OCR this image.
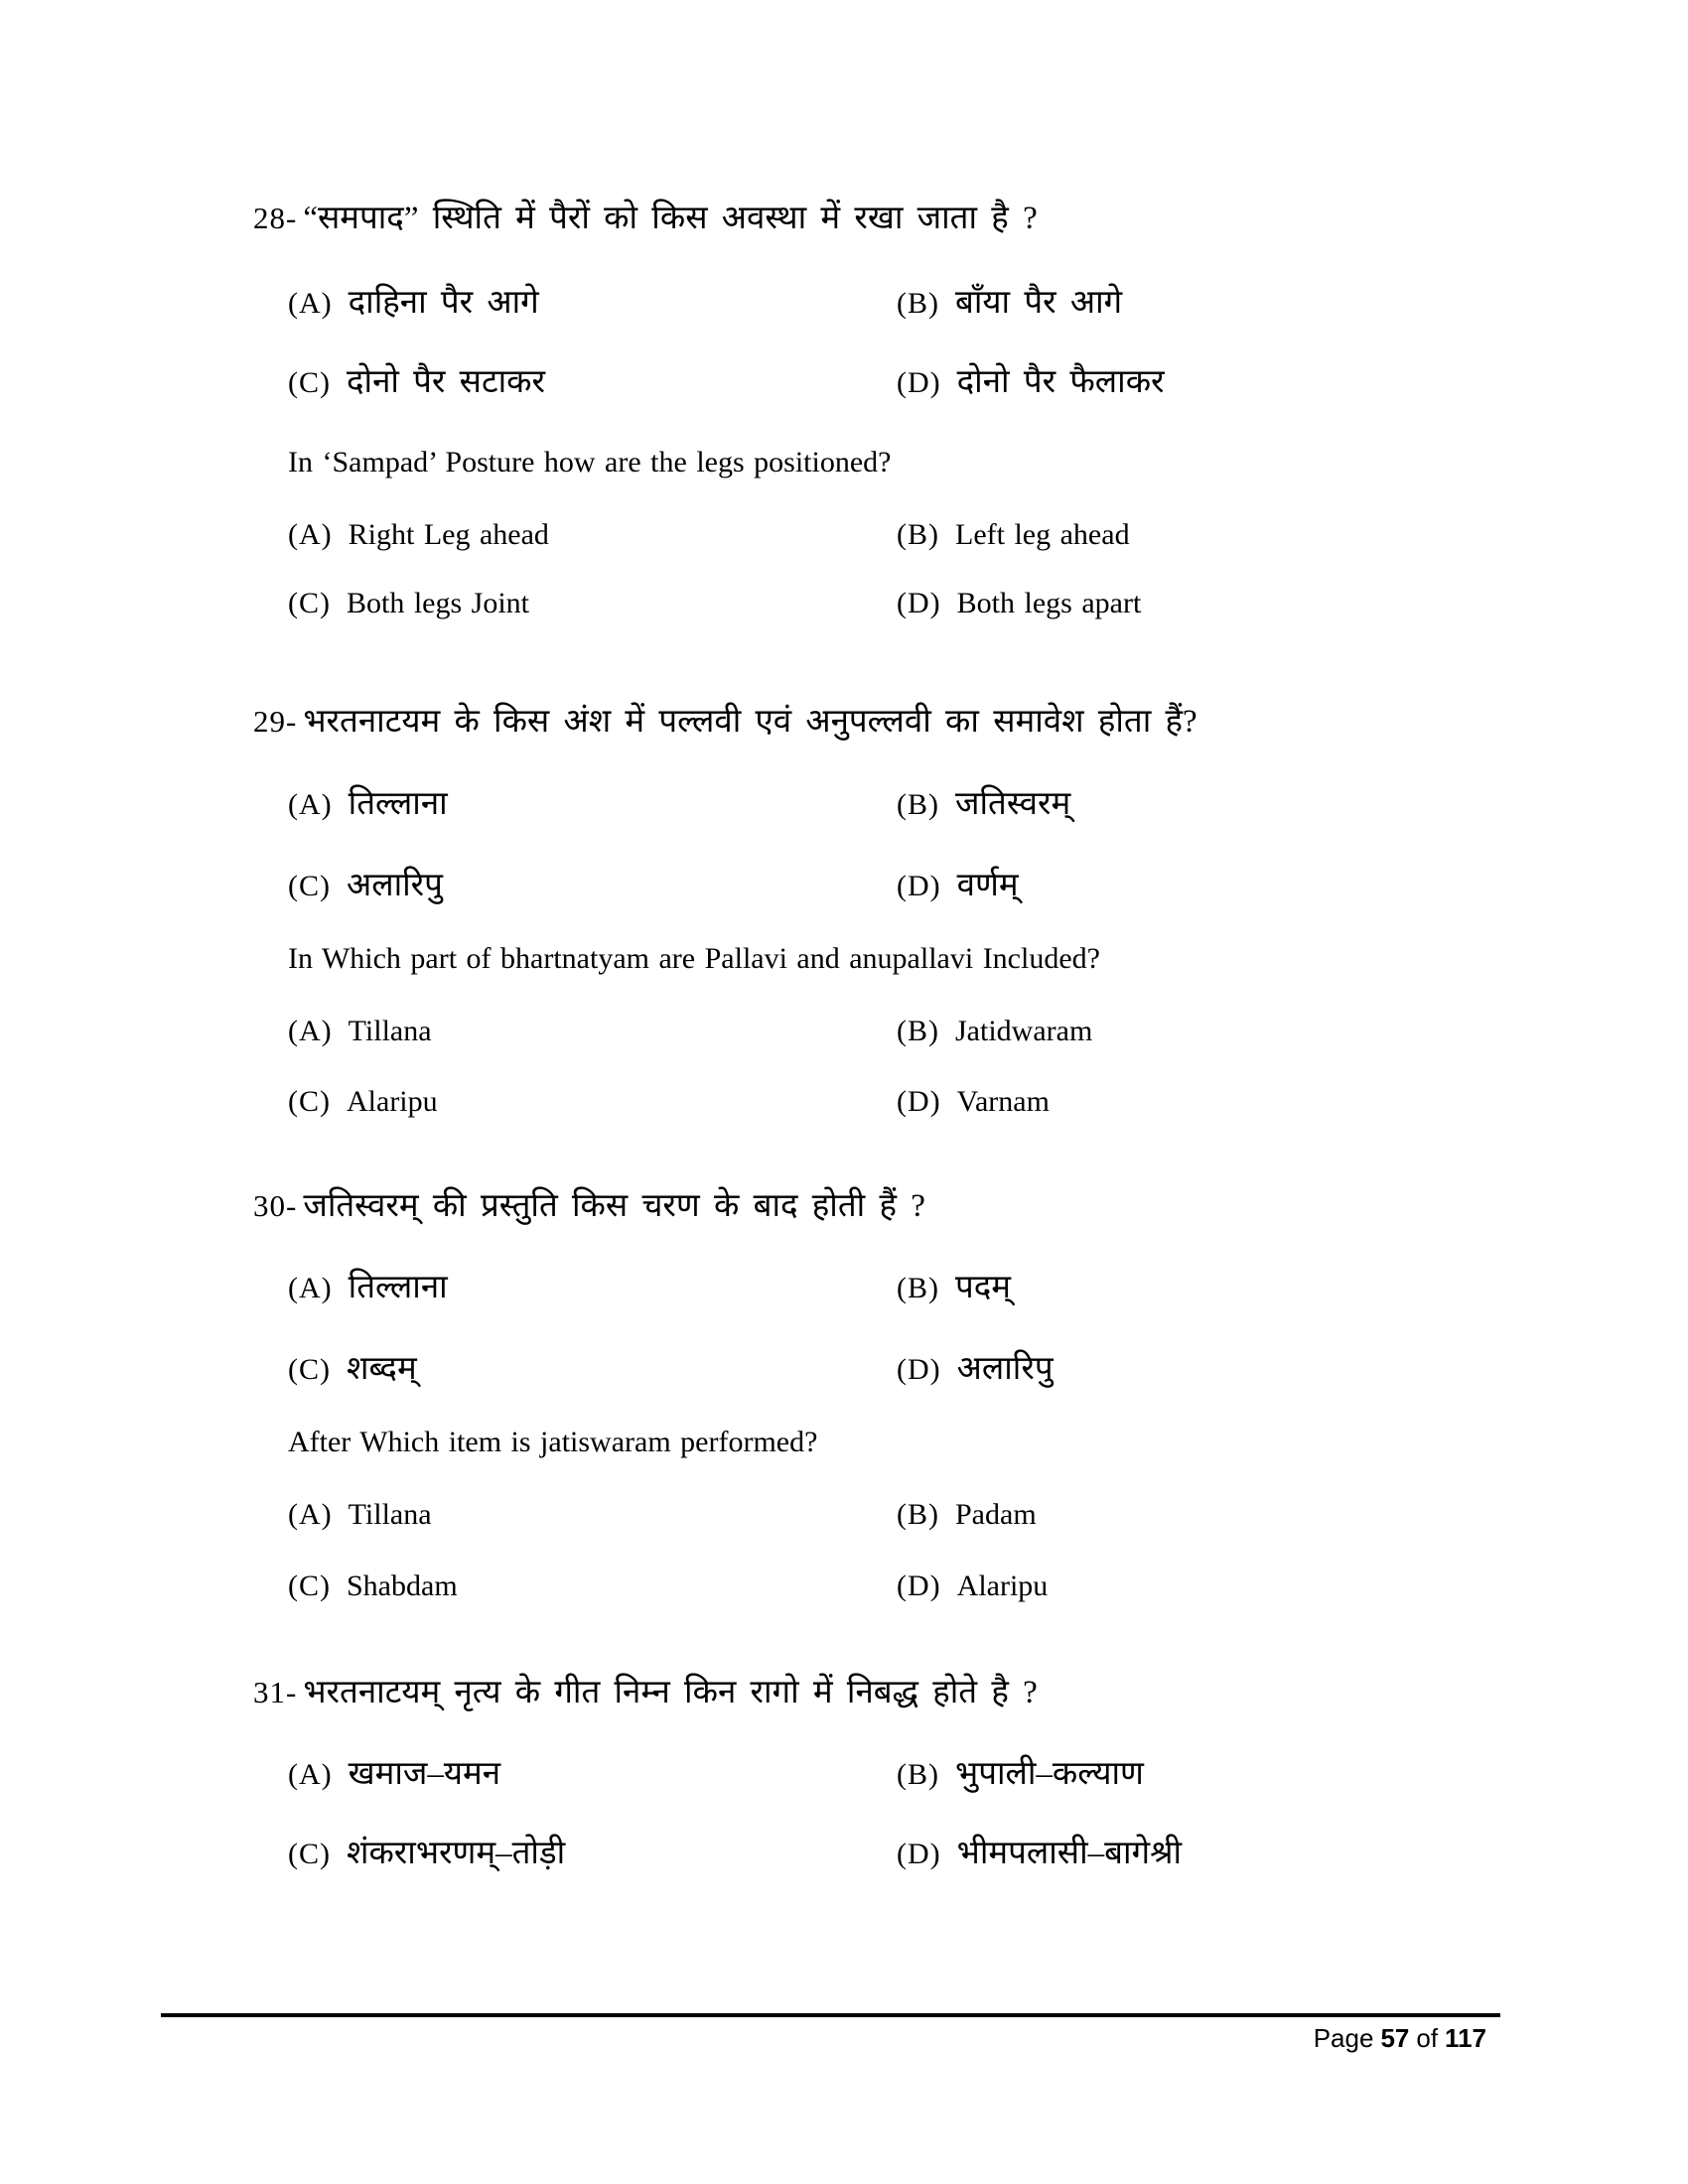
28- “समपाद” स्थिति में पैरों को किस अवस्था में रखा जाता है ?
(A) दाहिना पैर आगे	(B) बाँया पैर आगे
(C) दोनो पैर सटाकर	(D) दोनो पैर फैलाकर
In ‘Sampad’ Posture how are the legs positioned?
(A) Right Leg ahead	(B) Left leg ahead
(C) Both legs Joint	(D) Both legs apart
29- भरतनाटयम के किस अंश में पल्लवी एवं अनुपल्लवी का समावेश होता हैं?
(A) तिल्लाना	(B) जतिस्वरम्
(C) अलारिपु	(D) वर्णम्
In Which part of bhartnatyam are Pallavi and anupallavi Included?
(A) Tillana	(B) Jatidwaram
(C) Alaripu	(D) Varnam
30- जतिस्वरम् की प्रस्तुति किस चरण के बाद होती हैं ?
(A) तिल्लाना	(B) पदम्
(C) शब्दम्	(D) अलारिपु
After Which item is jatiswaram performed?
(A) Tillana	(B) Padam
(C) Shabdam	(D) Alaripu
31- भरतनाटयम् नृत्य के गीत निम्न किन रागो में निबद्ध होते है ?
(A) खमाज–यमन	(B) भुपाली–कल्याण
(C) शंकराभरणम्–तोड़ी	(D) भीमपलासी–बागेश्री
Page 57 of 117
